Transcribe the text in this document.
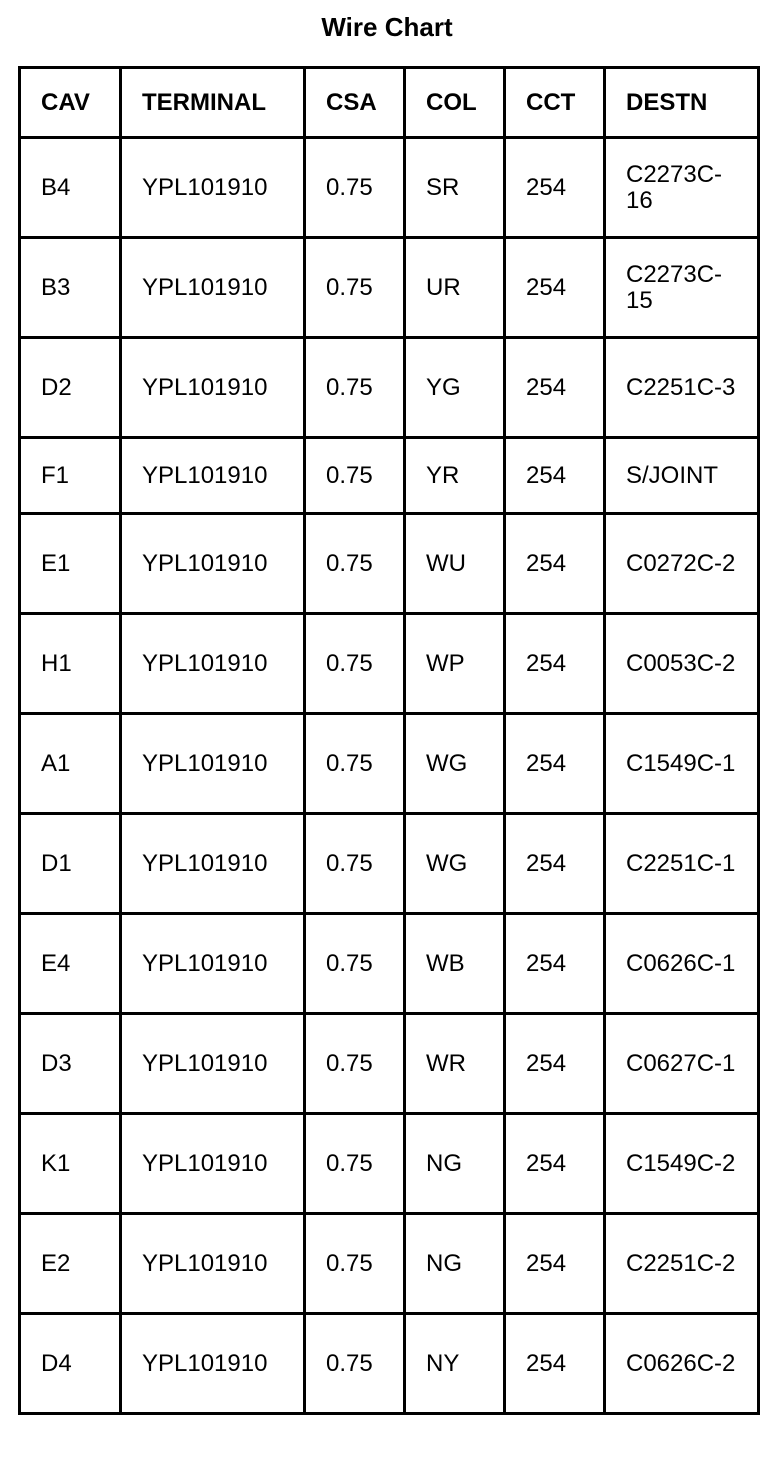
Wire Chart
CAV	TERMINAL	CSA	COL	CCT	DESTN
B4	YPL101910	0.75	SR	254	C2273C-16
B3	YPL101910	0.75	UR	254	C2273C-15
D2	YPL101910	0.75	YG	254	C2251C-3
F1	YPL101910	0.75	YR	254	S/JOINT
E1	YPL101910	0.75	WU	254	C0272C-2
H1	YPL101910	0.75	WP	254	C0053C-2
A1	YPL101910	0.75	WG	254	C1549C-1
D1	YPL101910	0.75	WG	254	C2251C-1
E4	YPL101910	0.75	WB	254	C0626C-1
D3	YPL101910	0.75	WR	254	C0627C-1
K1	YPL101910	0.75	NG	254	C1549C-2
E2	YPL101910	0.75	NG	254	C2251C-2
D4	YPL101910	0.75	NY	254	C0626C-2
